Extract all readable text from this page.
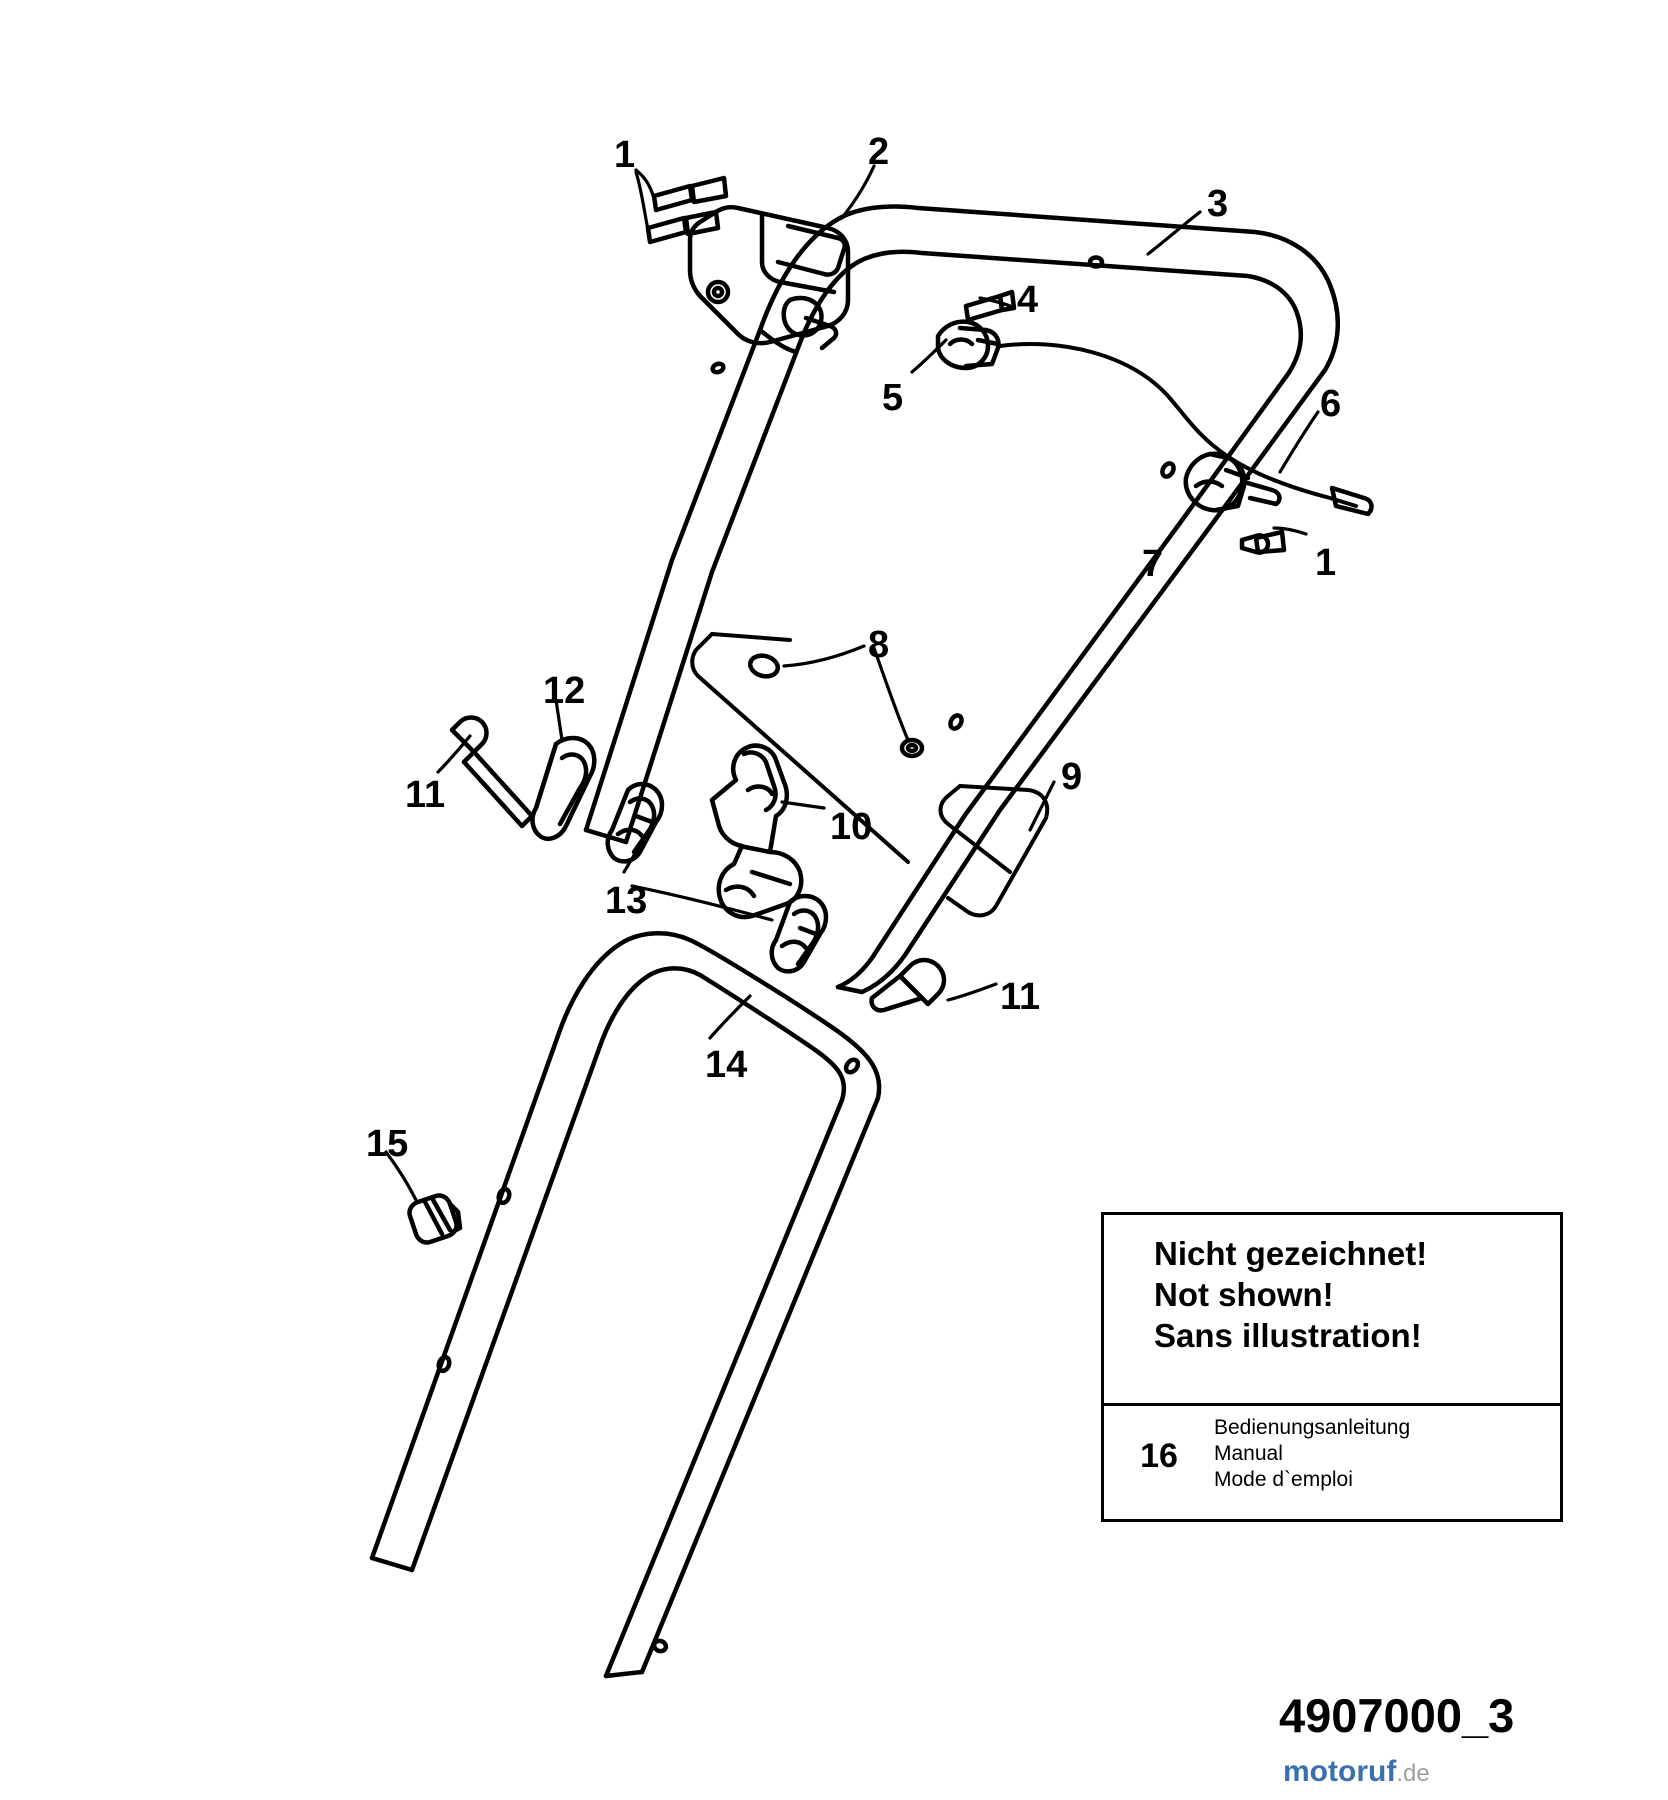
1	2
3
4
5	6
7	1
8
12
11	9
10
13
11
14
15
Nicht gezeichnet!
Not shown!
Sans illustration!
16
Bedienungsanleitung
Manual
Mode d`emploi
4907000_3
motoruf.de
